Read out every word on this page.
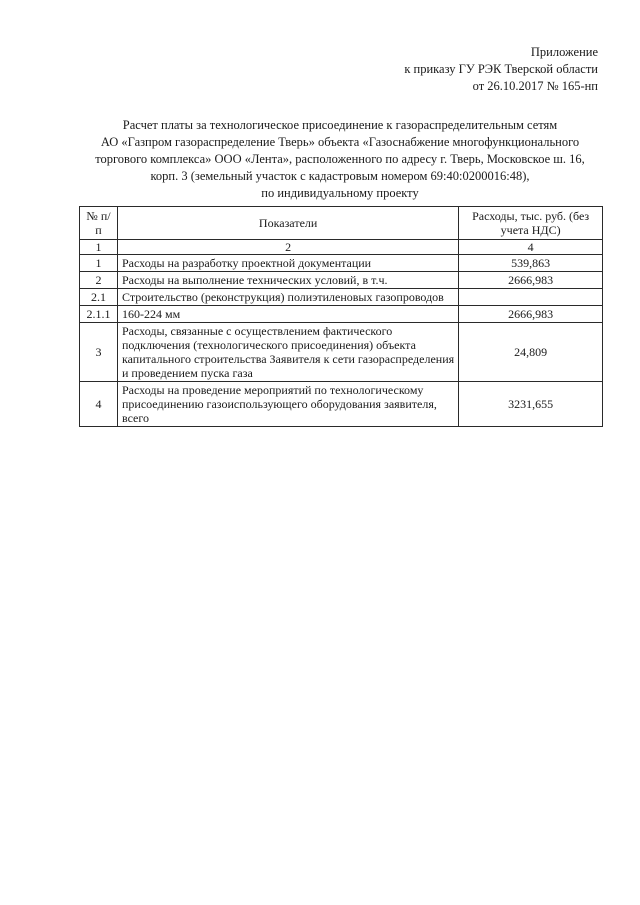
Приложение
к приказу ГУ РЭК Тверской области
от 26.10.2017 № 165-нп
Расчет платы за технологическое присоединение к газораспределительным сетям
АО «Газпром газораспределение Тверь» объекта «Газоснабжение многофункционального
торгового комплекса» ООО «Лента», расположенного по адресу г. Тверь, Московское ш. 16,
корп. 3 (земельный участок с кадастровым номером 69:40:0200016:48),
по индивидуальному проекту
№ п/п	Показатели	Расходы, тыс. руб. (без учета НДС)
1	2	4
1	Расходы на разработку проектной документации	539,863
2	Расходы на выполнение технических условий, в т.ч.	2666,983
2.1	Строительство (реконструкция) полиэтиленовых газопроводов	
2.1.1	160-224 мм	2666,983
3	Расходы, связанные с осуществлением фактического подключения (технологического присоединения) объекта капитального строительства Заявителя к сети газораспределения и проведением пуска газа	24,809
4	Расходы на проведение мероприятий по технологическому присоединению газоиспользующего оборудования заявителя, всего	3231,655
